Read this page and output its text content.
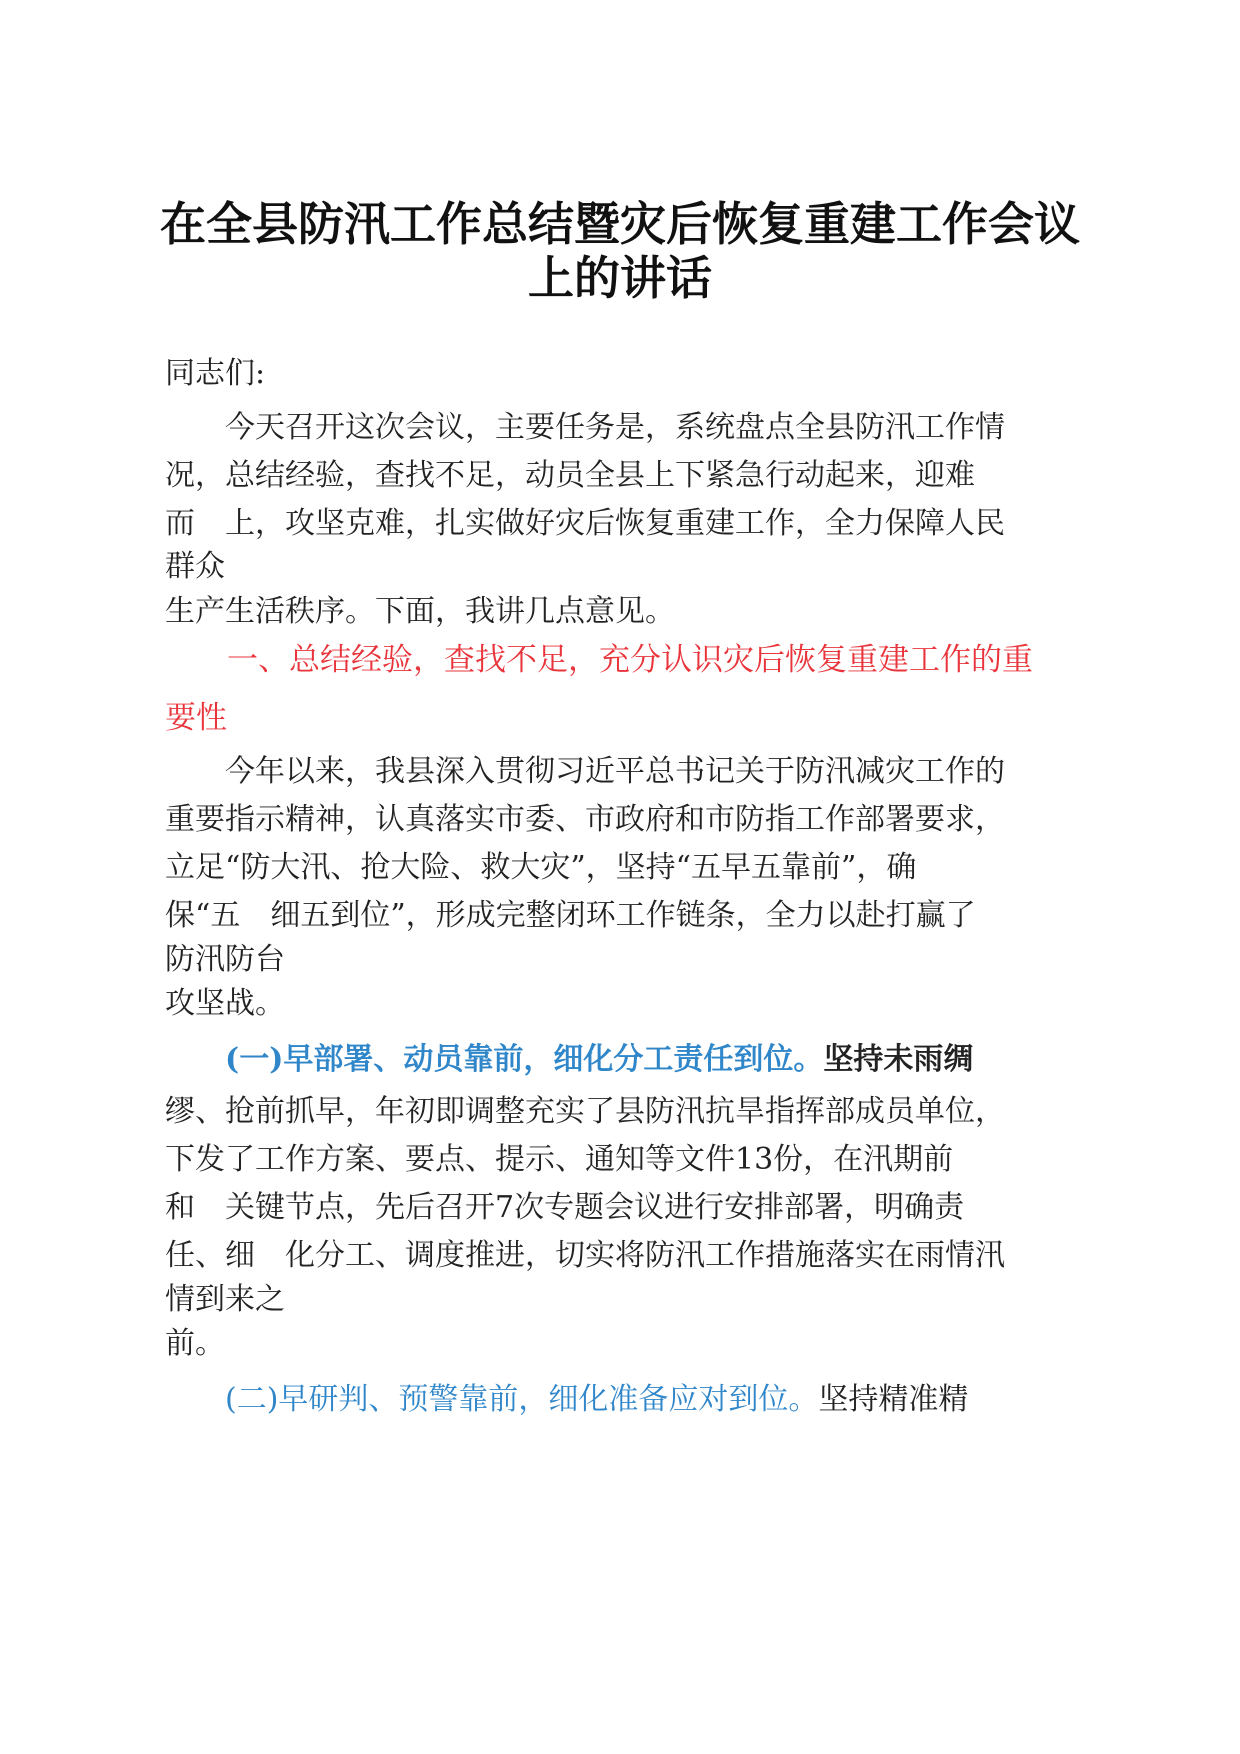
在全县防汛工作总结暨灾后恢复重建工作会议
上的讲话

同志们:

　　今天召开这次会议，主要任务是，系统盘点全县防汛工作情

况，总结经验，查找不足，动员全县上下紧急行动起来，迎难

而　上，攻坚克难，扎实做好灾后恢复重建工作，全力保障人民

群众

生产生活秩序。下面，我讲几点意见。

　　一、总结经验，查找不足，充分认识灾后恢复重建工作的重

要性

　　今年以来，我县深入贯彻习近平总书记关于防汛减灾工作的

重要指示精神，认真落实市委、市政府和市防指工作部署要求，

立足“防大汛、抢大险、救大灾”，坚持“五早五靠前”，确

保“五　细五到位”，形成完整闭环工作链条，全力以赴打赢了

防汛防台

攻坚战。

(一)早部署、动员靠前，细化分工责任到位。坚持未雨绸

缪、抢前抓早，年初即调整充实了县防汛抗旱指挥部成员单位，

下发了工作方案、要点、提示、通知等文件13份，在汛期前

和　关键节点，先后召开7次专题会议进行安排部署，明确责

任、细　化分工、调度推进，切实将防汛工作措施落实在雨情汛

情到来之

前。

(二)早研判、预警靠前，细化准备应对到位。坚持精准精
